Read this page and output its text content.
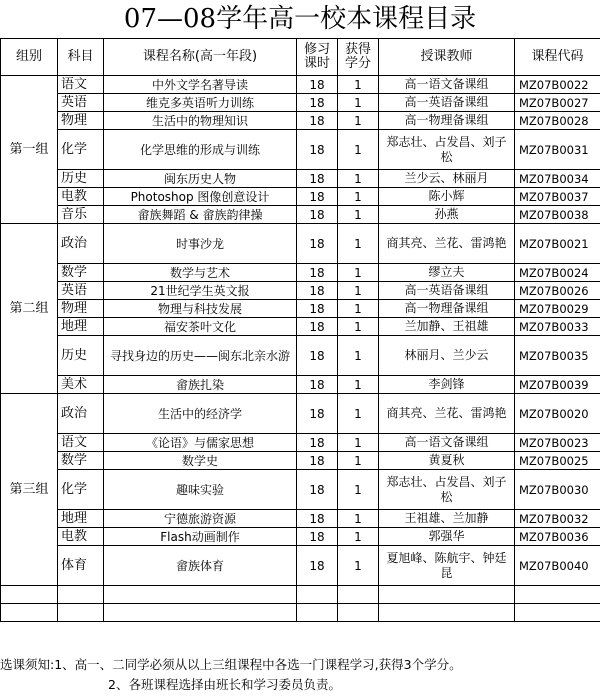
07—08学年高一校本课程目录
组别	科目	课程名称(高一年段)	修习课时	获得学分	授课教师	课程代码
第一组	语文	中外文学名著导读	18	1	高一语文备课组	MZ07B0022
	英语	维克多英语听力训练	18	1	高一英语备课组	MZ07B0027
	物理	生活中的物理知识	18	1	高一物理备课组	MZ07B0028
	化学	化学思维的形成与训练	18	1	郑志壮、占发昌、刘子松	MZ07B0031
	历史	闽东历史人物	18	1	兰少云、林丽月	MZ07B0034
	电教	Photoshop 图像创意设计	18	1	陈小辉	MZ07B0037
	音乐	畲族舞蹈 & 畲族韵律操	18	1	孙燕	MZ07B0038
第二组	政治	时事沙龙	18	1	商其亮、兰花、雷鸿艳	MZ07B0021
	数学	数学与艺术	18	1	缪立夫	MZ07B0024
	英语	21世纪学生英文报	18	1	高一英语备课组	MZ07B0026
	物理	物理与科技发展	18	1	高一物理备课组	MZ07B0029
	地理	福安茶叶文化	18	1	兰加静、王祖雄	MZ07B0033
	历史	寻找身边的历史——闽东北亲水游	18	1	林丽月、兰少云	MZ07B0035
	美术	畲族扎染	18	1	李剑锋	MZ07B0039
第三组	政治	生活中的经济学	18	1	商其亮、兰花、雷鸿艳	MZ07B0020
	语文	《论语》与儒家思想	18	1	高一语文备课组	MZ07B0023
	数学	数学史	18	1	黄夏秋	MZ07B0025
	化学	趣味实验	18	1	郑志壮、占发昌、刘子松	MZ07B0030
	地理	宁德旅游资源	18	1	王祖雄、兰加静	MZ07B0032
	电教	Flash动画制作	18	1	郭强华	MZ07B0036
	体育	畲族体育	18	1	夏旭峰、陈航宇、钟廷昆	MZ07B0040

选课须知:1、高一、二同学必须从以上三组课程中各选一门课程学习,获得3个学分。
2、各班课程选择由班长和学习委员负责。
